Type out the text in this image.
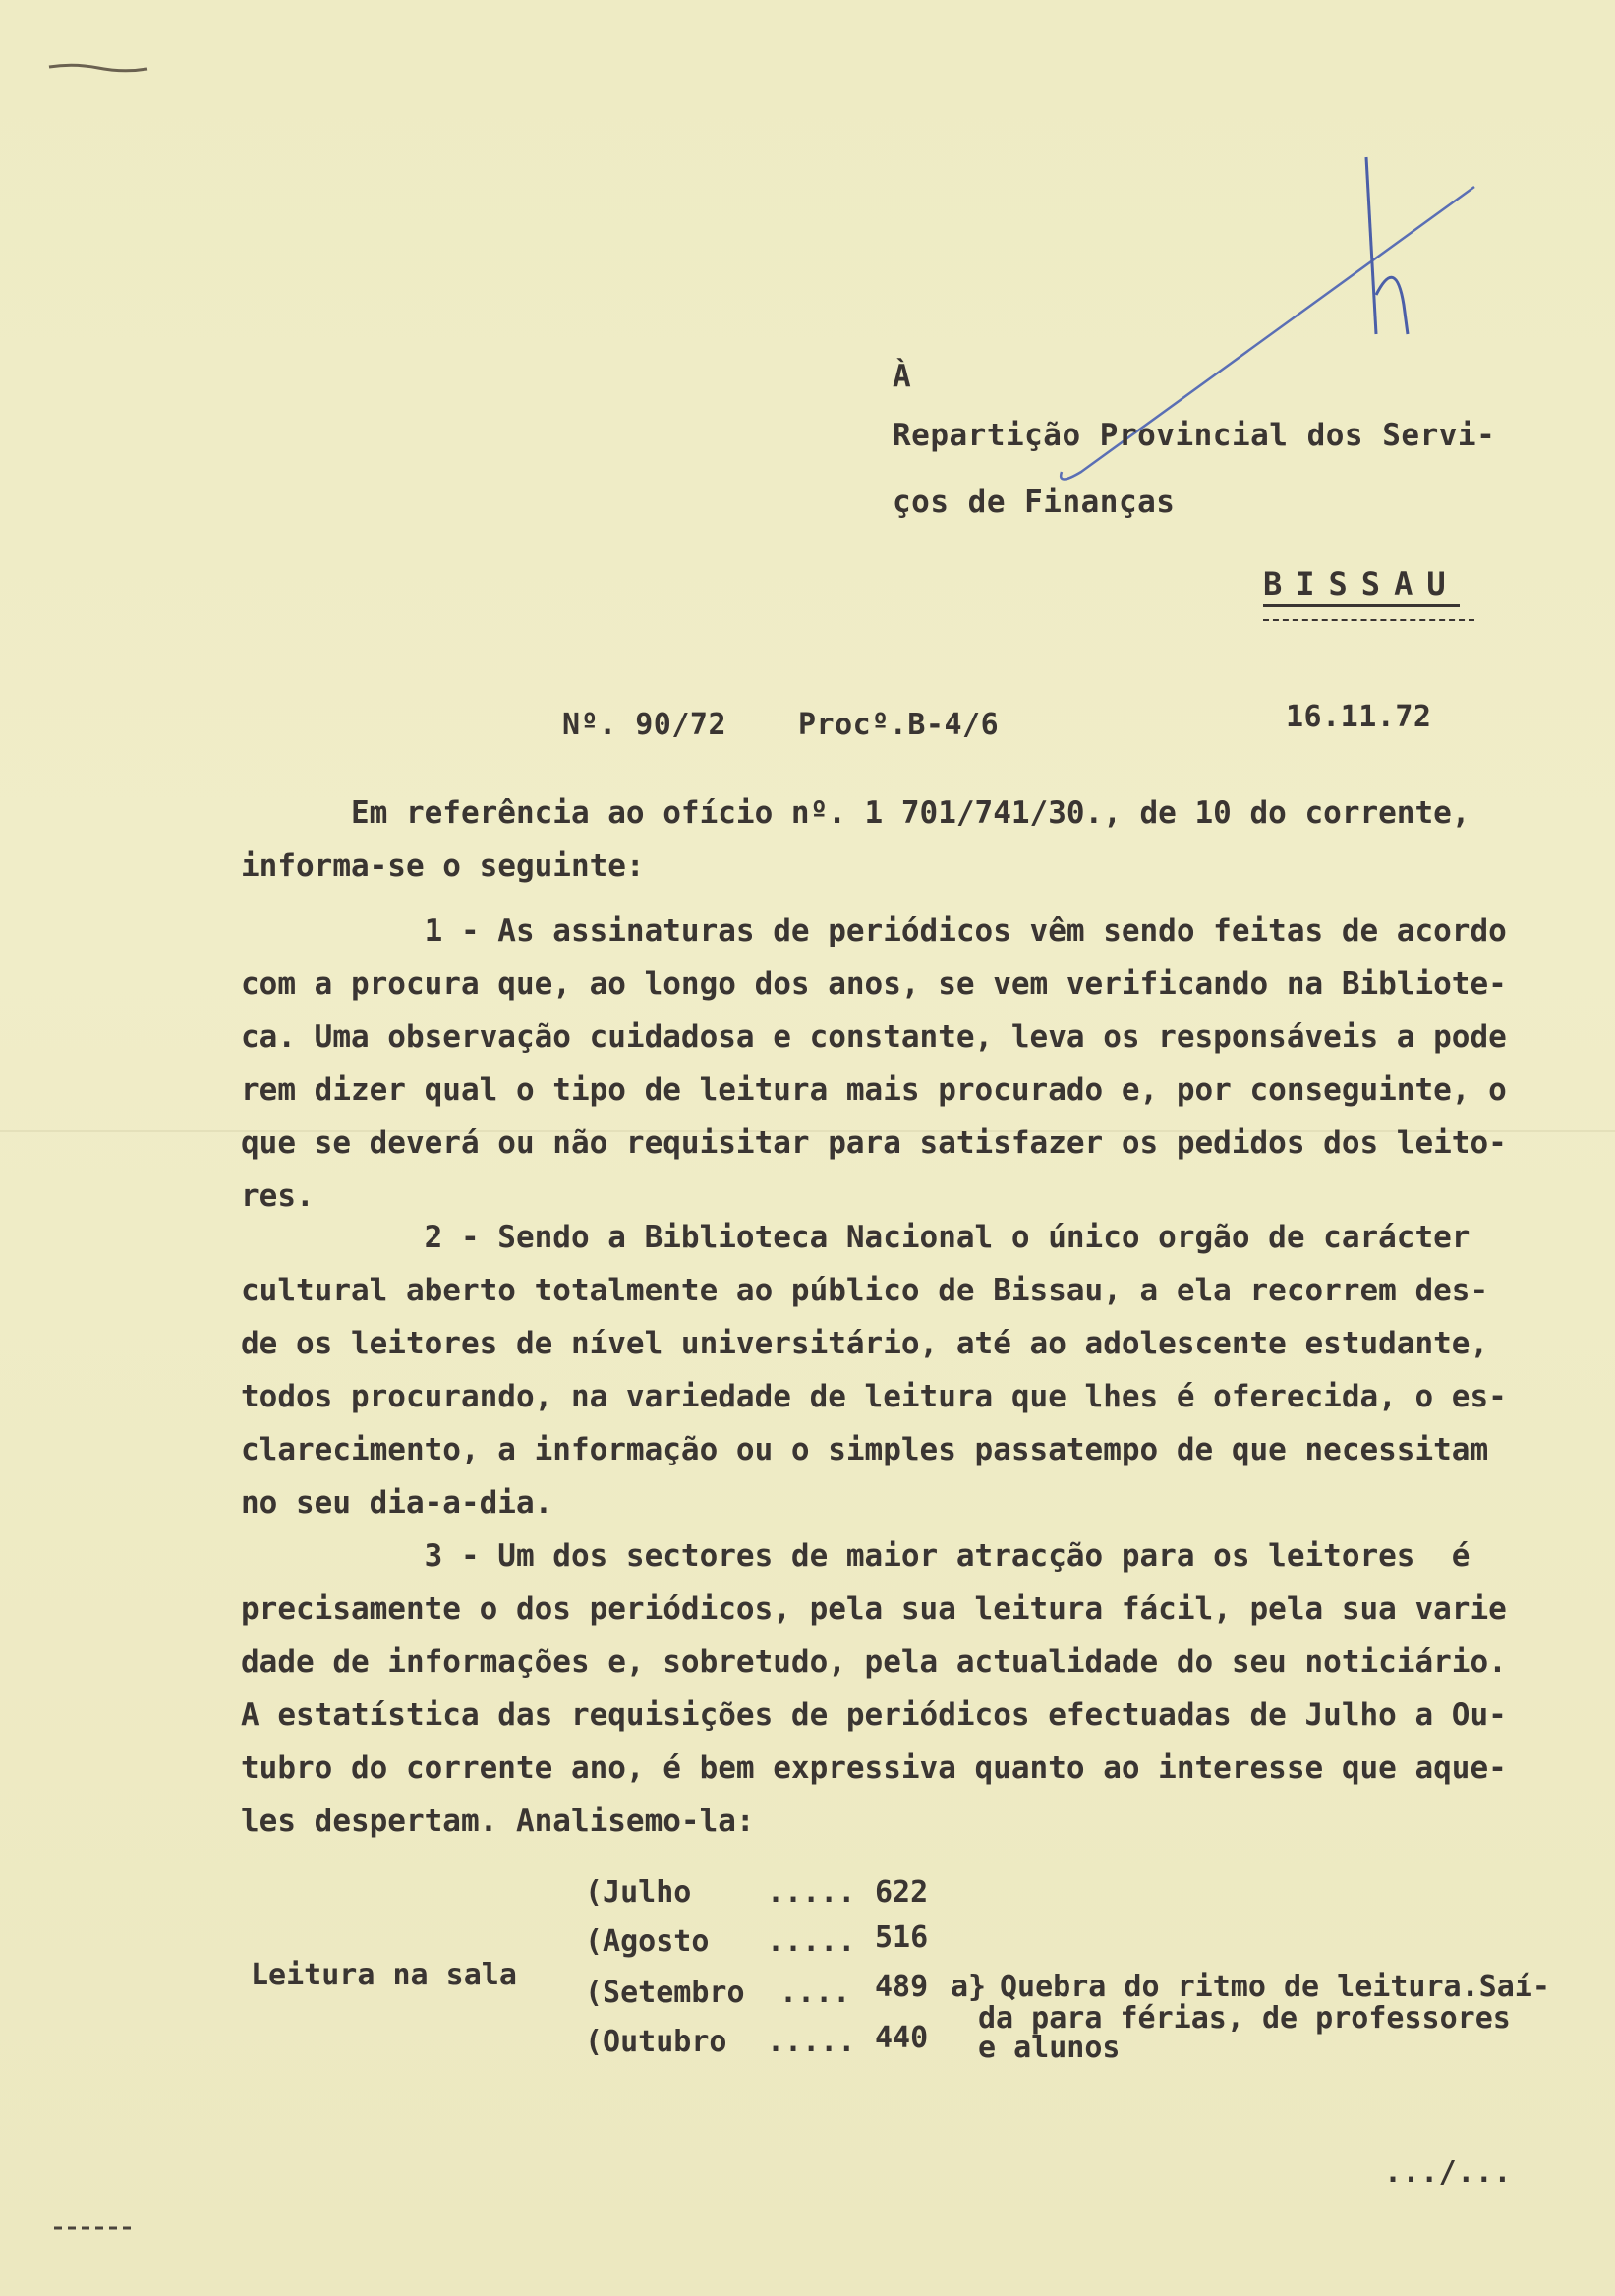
À
Repartição Provincial dos Servi-
ços de Finanças
BISSAU
Nº. 90/72 Procº.B-4/6	16.11.72
Em referência ao ofício nº. 1 701/741/30., de 10 do corrente,
informa-se o seguinte:
1 - As assinaturas de periódicos vêm sendo feitas de acordo
com a procura que, ao longo dos anos, se vem verificando na Bibliote-
ca. Uma observação cuidadosa e constante, leva os responsáveis a pode
rem dizer qual o tipo de leitura mais procurado e, por conseguinte, o
que se deverá ou não requisitar para satisfazer os pedidos dos leito-
res.
2 - Sendo a Biblioteca Nacional o único orgão de carácter
cultural aberto totalmente ao público de Bissau, a ela recorrem des-
de os leitores de nível universitário, até ao adolescente estudante,
todos procurando, na variedade de leitura que lhes é oferecida, o es-
clarecimento, a informação ou o simples passatempo de que necessitam
no seu dia-a-dia.
3 - Um dos sectores de maior atracção para os leitores  é
precisamente o dos periódicos, pela sua leitura fácil, pela sua varie
dade de informações e, sobretudo, pela actualidade do seu noticiário.
A estatística das requisições de periódicos efectuadas de Julho a Ou-
tubro do corrente ano, é bem expressiva quanto ao interesse que aque-
les despertam. Analisemo-la:
Leitura na sala
(Julho	..... 622
(Agosto ..... 516
(Setembro .... 489 a} Quebra do ritmo de leitura.Saí-
da para férias, de professores
e alunos
(Outubro ..... 440
.../...
